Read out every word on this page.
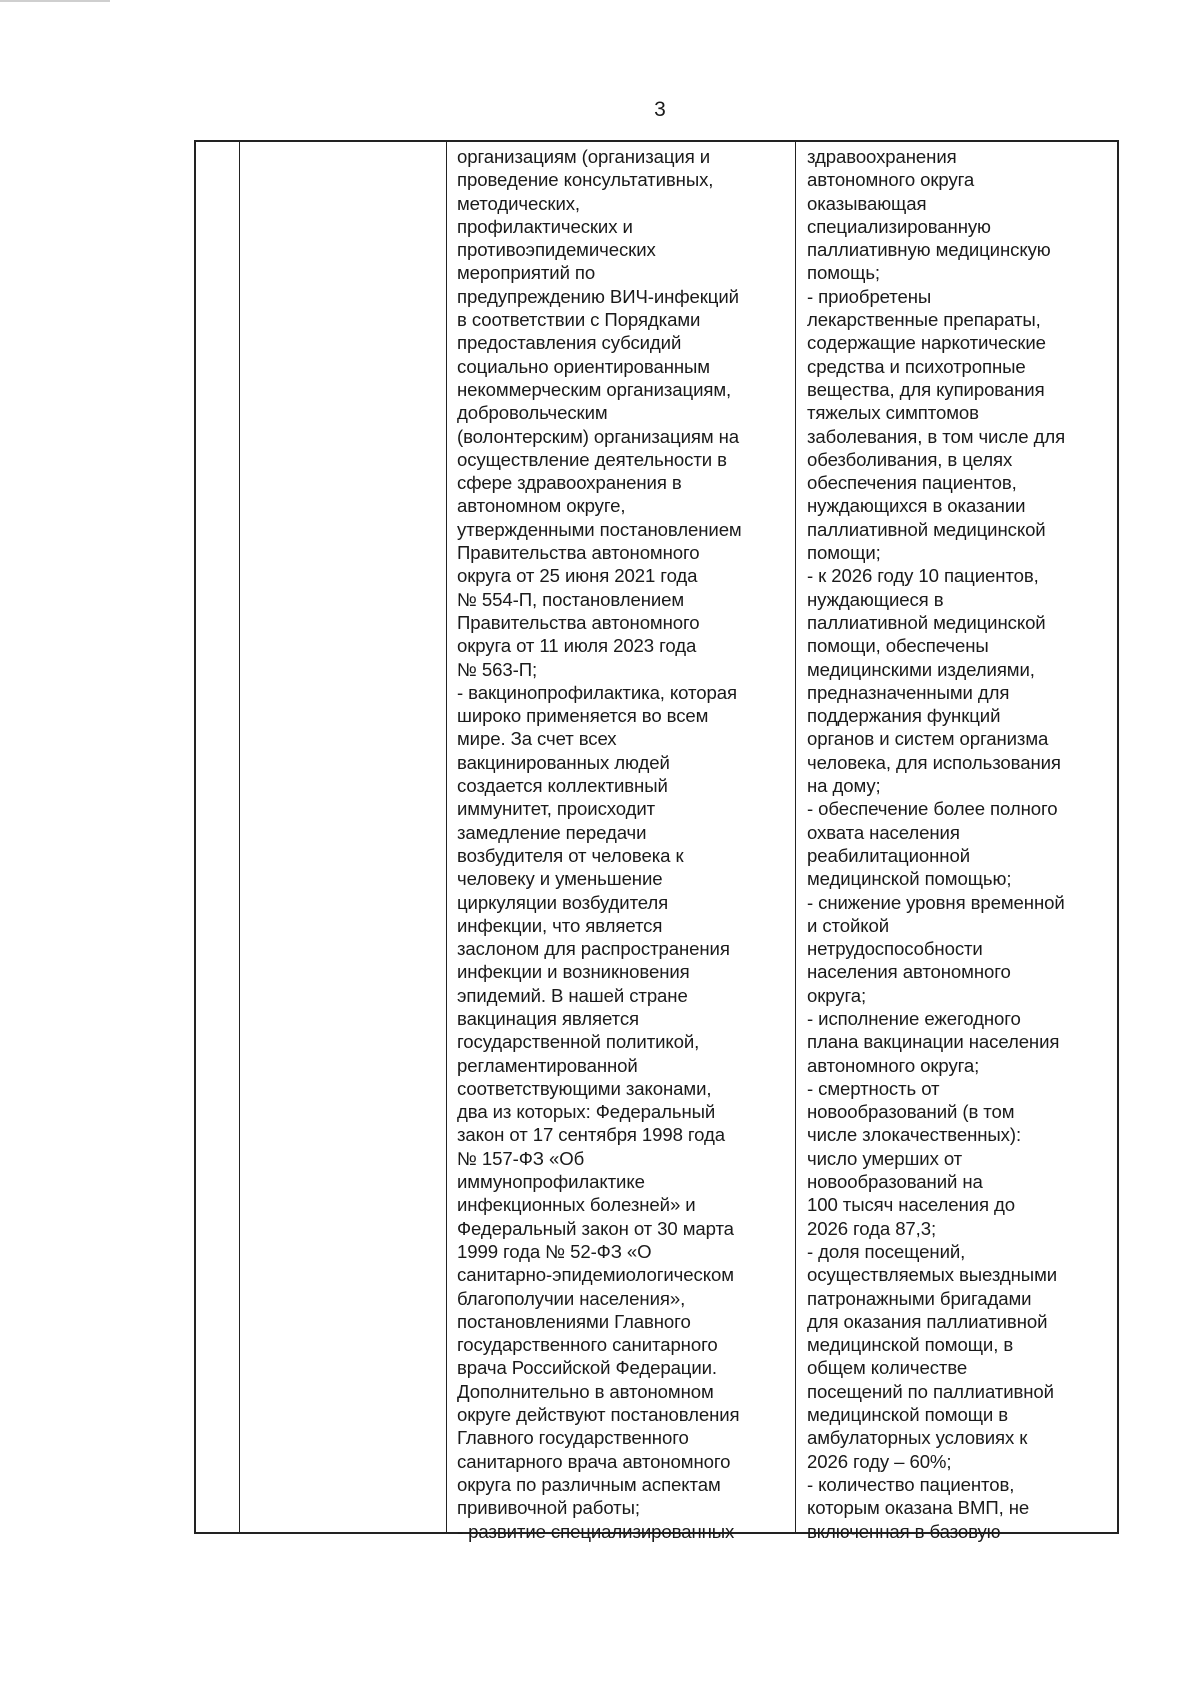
3
организациям (организация и
проведение консультативных,
методических,
профилактических и
противоэпидемических
мероприятий по
предупреждению ВИЧ-инфекций
в соответствии с Порядками
предоставления субсидий
социально ориентированным
некоммерческим организациям,
добровольческим
(волонтерским) организациям на
осуществление деятельности в
сфере здравоохранения в
автономном округе,
утвержденными постановлением
Правительства автономного
округа от 25 июня 2021 года
№ 554-П, постановлением
Правительства автономного
округа от 11 июля 2023 года
№ 563-П;
- вакцинопрофилактика, которая
широко применяется во всем
мире. За счет всех
вакцинированных людей
создается коллективный
иммунитет, происходит
замедление передачи
возбудителя от человека к
человеку и уменьшение
циркуляции возбудителя
инфекции, что является
заслоном для распространения
инфекции и возникновения
эпидемий. В нашей стране
вакцинация является
государственной политикой,
регламентированной
соответствующими законами,
два из которых: Федеральный
закон от 17 сентября 1998 года
№ 157-ФЗ «Об
иммунопрофилактике
инфекционных болезней» и
Федеральный закон от 30 марта
1999 года № 52-ФЗ «О
санитарно-эпидемиологическом
благополучии населения»,
постановлениями Главного
государственного санитарного
врача Российской Федерации.
Дополнительно в автономном
округе действуют постановления
Главного государственного
санитарного врача автономного
округа по различным аспектам
прививочной работы;
- развитие специализированных
здравоохранения
автономного округа
оказывающая
специализированную
паллиативную медицинскую
помощь;
- приобретены
лекарственные препараты,
содержащие наркотические
средства и психотропные
вещества, для купирования
тяжелых симптомов
заболевания, в том числе для
обезболивания, в целях
обеспечения пациентов,
нуждающихся в оказании
паллиативной медицинской
помощи;
- к 2026 году 10 пациентов,
нуждающиеся в
паллиативной медицинской
помощи, обеспечены
медицинскими изделиями,
предназначенными для
поддержания функций
органов и систем организма
человека, для использования
на дому;
- обеспечение более полного
охвата населения
реабилитационной
медицинской помощью;
- снижение уровня временной
и стойкой
нетрудоспособности
населения автономного
округа;
- исполнение ежегодного
плана вакцинации населения
автономного округа;
- смертность от
новообразований (в том
числе злокачественных):
число умерших от
новообразований на
100 тысяч населения до
2026 года 87,3;
- доля посещений,
осуществляемых выездными
патронажными бригадами
для оказания паллиативной
медицинской помощи, в
общем количестве
посещений по паллиативной
медицинской помощи в
амбулаторных условиях к
2026 году – 60%;
- количество пациентов,
которым оказана ВМП, не
включенная в базовую
